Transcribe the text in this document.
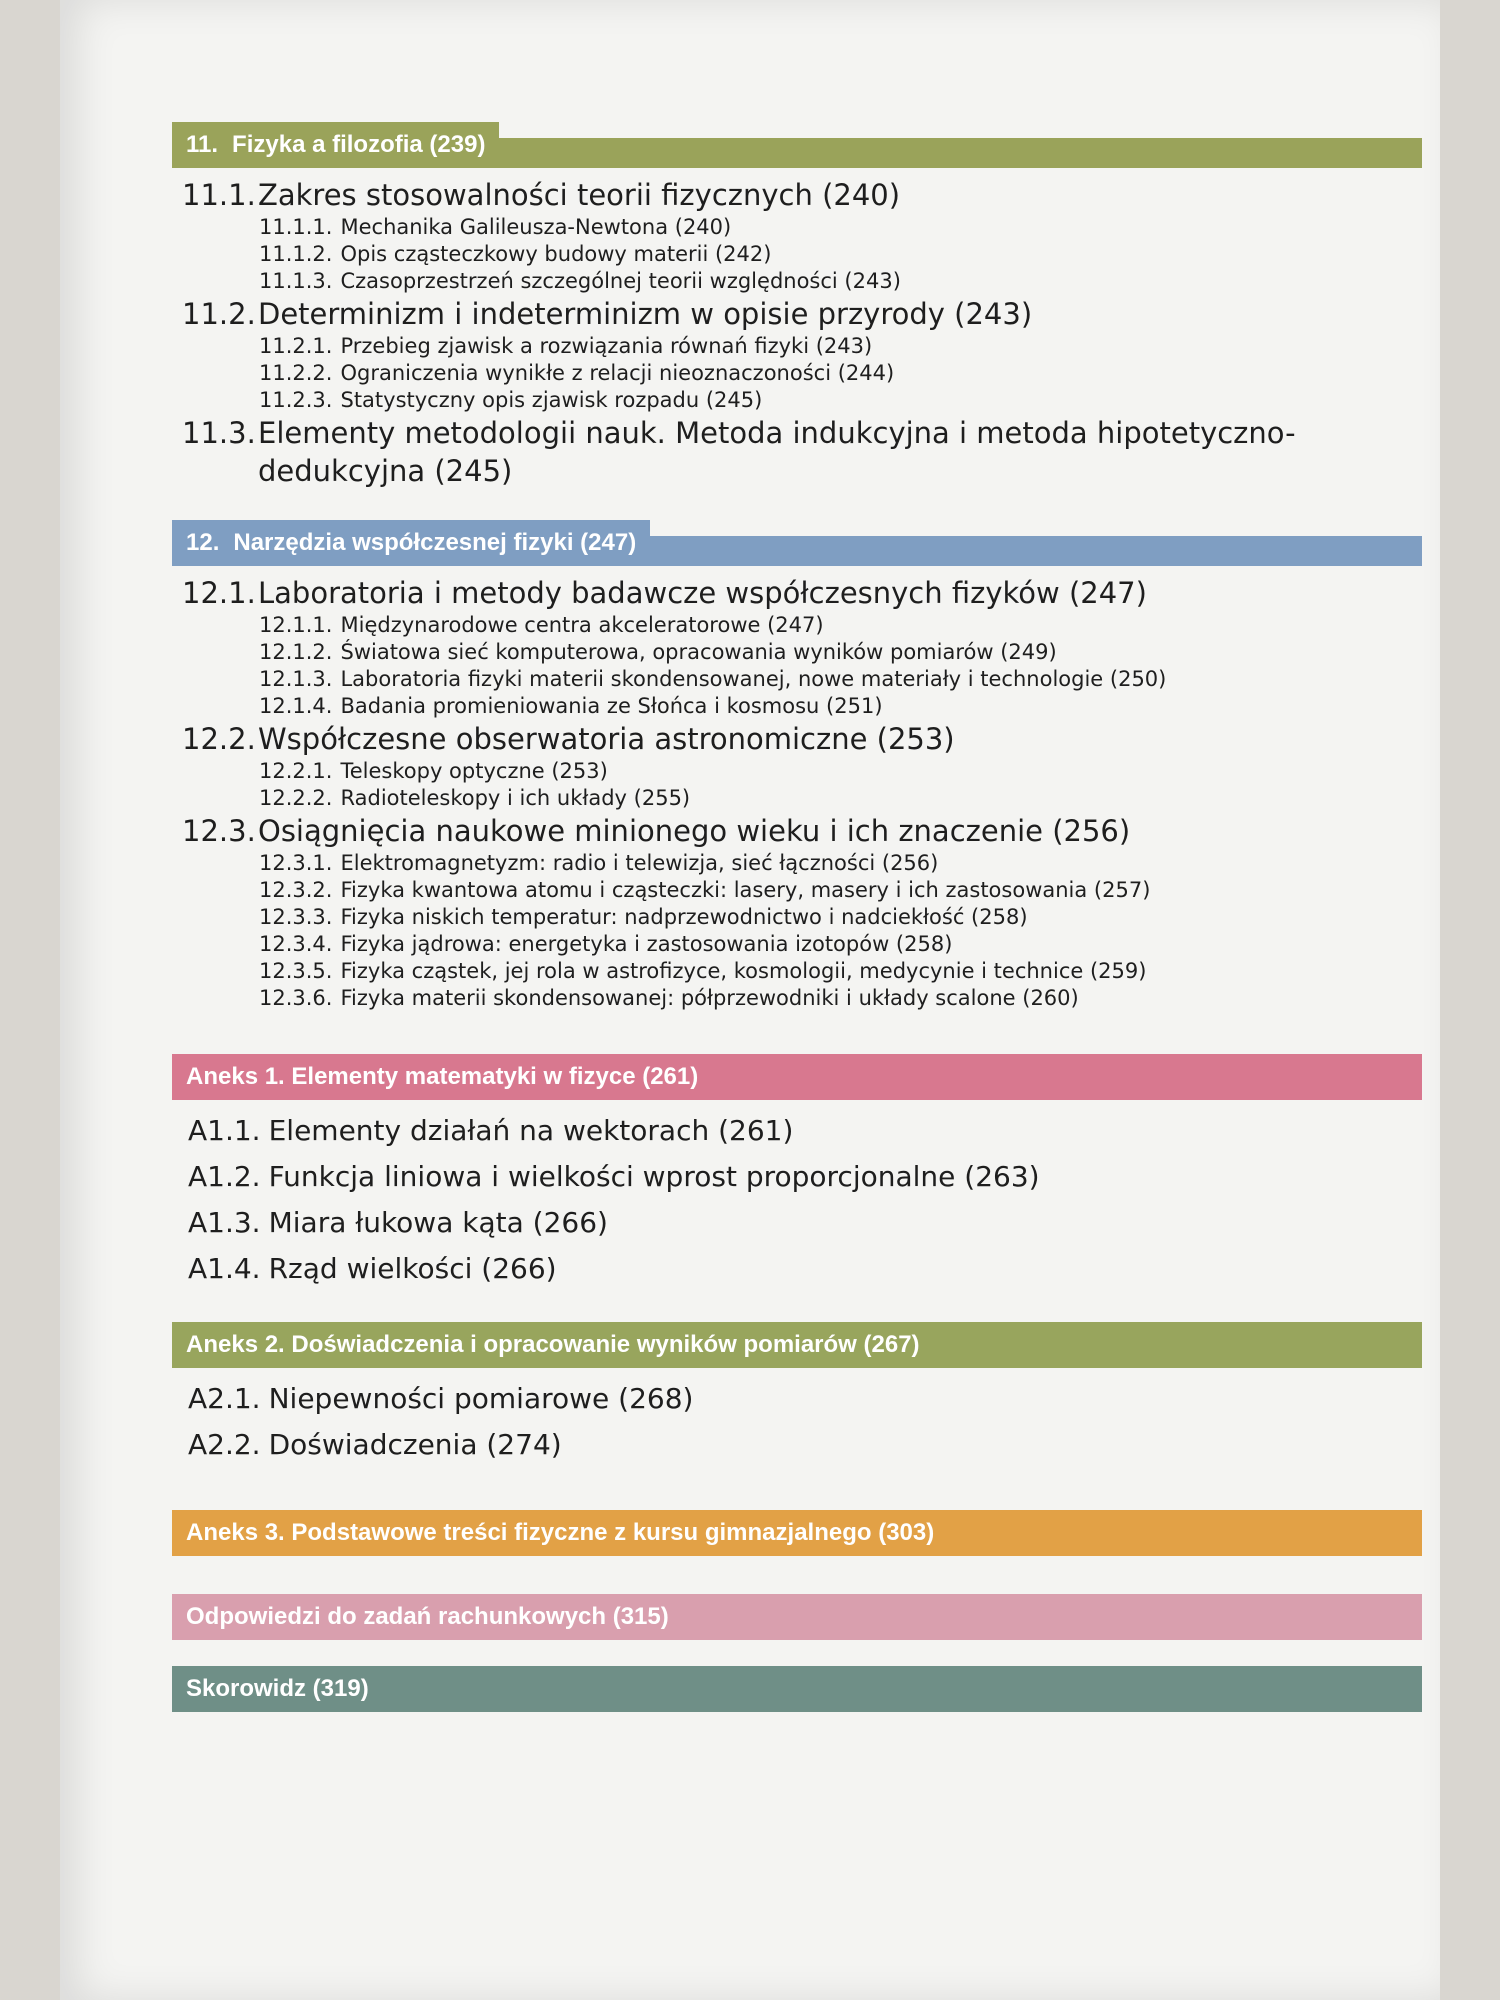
11. Fizyka a filozofia (239)
11.1. Zakres stosowalności teorii fizycznych (240)
11.1.1. Mechanika Galileusza-Newtona (240)
11.1.2. Opis cząsteczkowy budowy materii (242)
11.1.3. Czasoprzestrzeń szczególnej teorii względności (243)
11.2. Determinizm i indeterminizm w opisie przyrody (243)
11.2.1. Przebieg zjawisk a rozwiązania równań fizyki (243)
11.2.2. Ograniczenia wynikłe z relacji nieoznaczoności (244)
11.2.3. Statystyczny opis zjawisk rozpadu (245)
11.3. Elementy metodologii nauk. Metoda indukcyjna i metoda hipotetyczno-dedukcyjna (245)
12. Narzędzia współczesnej fizyki (247)
12.1. Laboratoria i metody badawcze współczesnych fizyków (247)
12.1.1. Międzynarodowe centra akceleratorowe (247)
12.1.2. Światowa sieć komputerowa, opracowania wyników pomiarów (249)
12.1.3. Laboratoria fizyki materii skondensowanej, nowe materiały i technologie (250)
12.1.4. Badania promieniowania ze Słońca i kosmosu (251)
12.2. Współczesne obserwatoria astronomiczne (253)
12.2.1. Teleskopy optyczne (253)
12.2.2. Radioteleskopy i ich układy (255)
12.3. Osiągnięcia naukowe minionego wieku i ich znaczenie (256)
12.3.1. Elektromagnetyzm: radio i telewizja, sieć łączności (256)
12.3.2. Fizyka kwantowa atomu i cząsteczki: lasery, masery i ich zastosowania (257)
12.3.3. Fizyka niskich temperatur: nadprzewodnictwo i nadciekłość (258)
12.3.4. Fizyka jądrowa: energetyka i zastosowania izotopów (258)
12.3.5. Fizyka cząstek, jej rola w astrofizyce, kosmologii, medycynie i technice (259)
12.3.6. Fizyka materii skondensowanej: półprzewodniki i układy scalone (260)
Aneks 1. Elementy matematyki w fizyce (261)
A1.1. Elementy działań na wektorach (261)
A1.2. Funkcja liniowa i wielkości wprost proporcjonalne (263)
A1.3. Miara łukowa kąta (266)
A1.4. Rząd wielkości (266)
Aneks 2. Doświadczenia i opracowanie wyników pomiarów (267)
A2.1. Niepewności pomiarowe (268)
A2.2. Doświadczenia (274)
Aneks 3. Podstawowe treści fizyczne z kursu gimnazjalnego (303)
Odpowiedzi do zadań rachunkowych (315)
Skorowidz (319)
